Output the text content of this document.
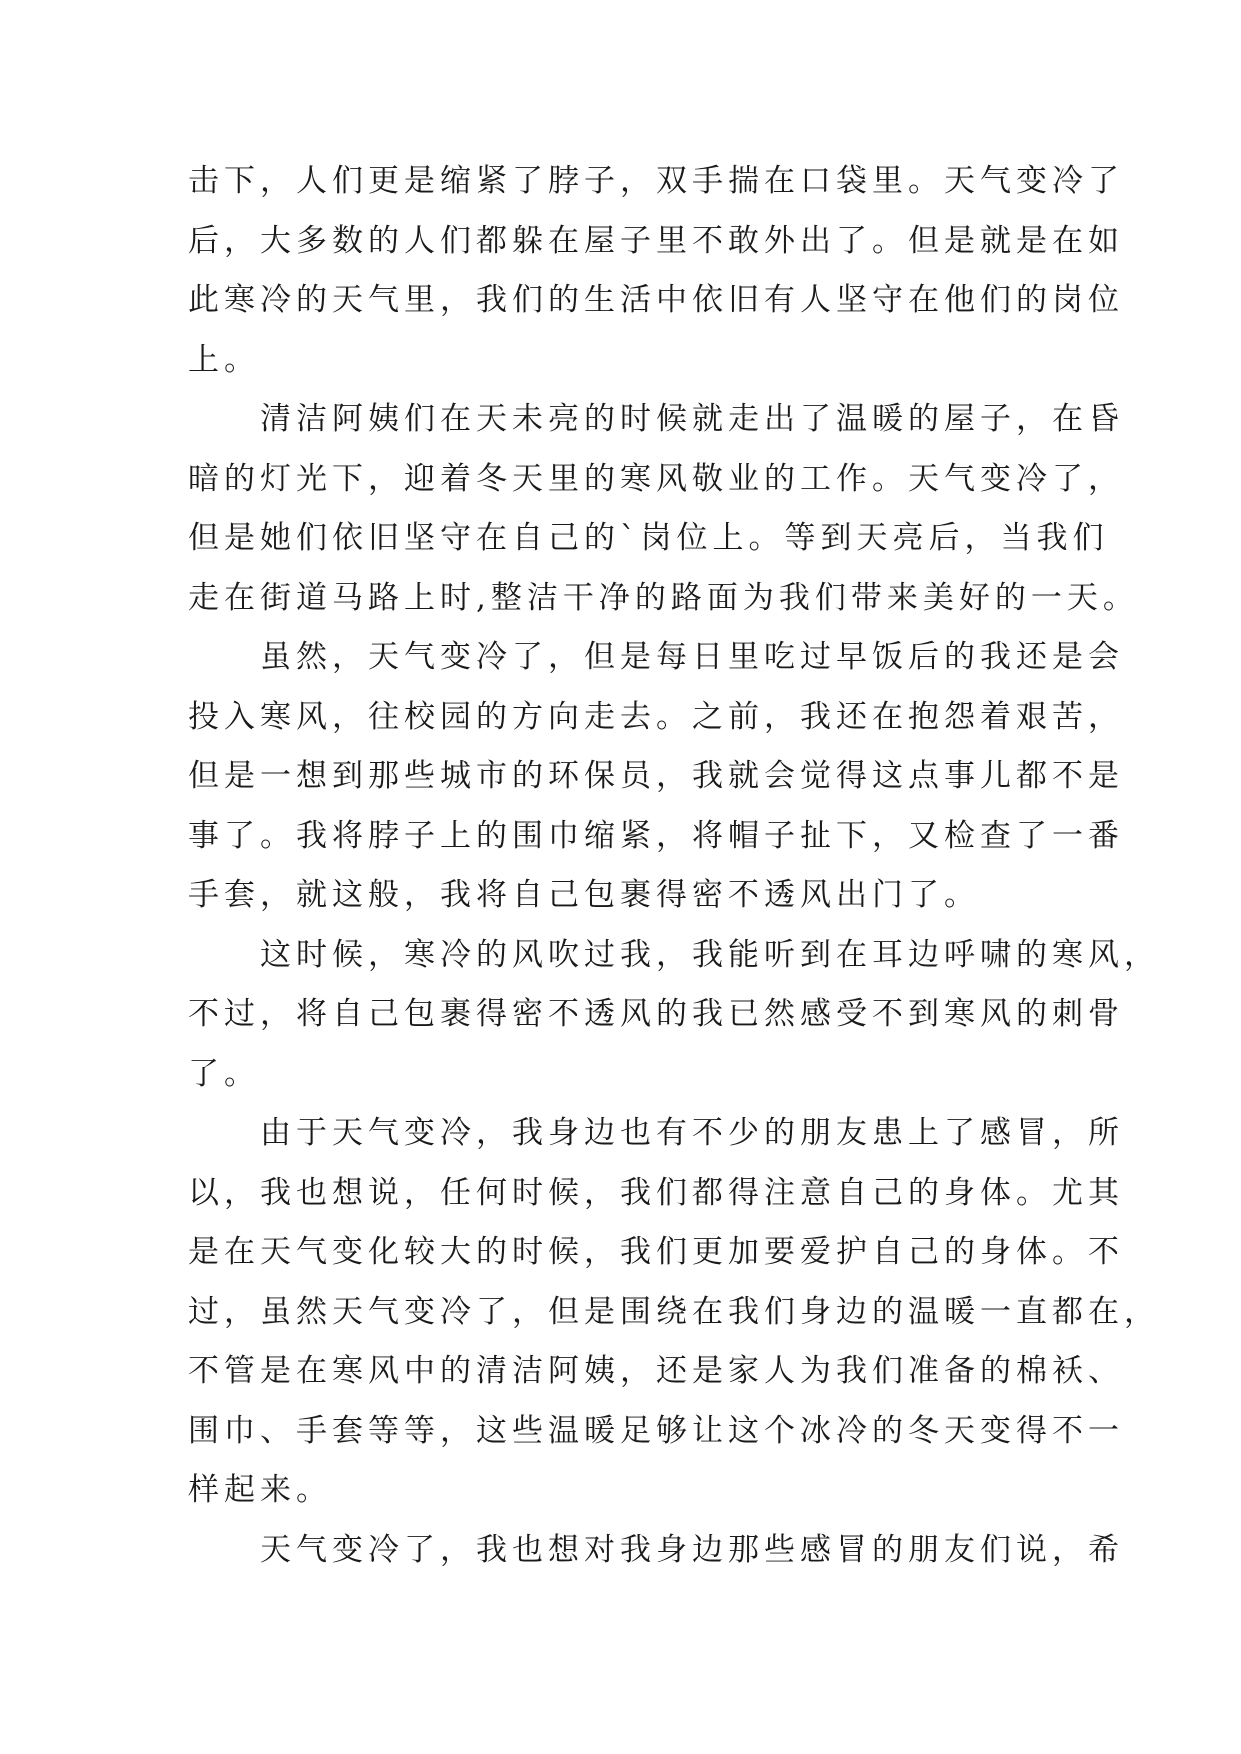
击下，人们更是缩紧了脖子，双手揣在口袋里。天气变冷了
后，大多数的人们都躲在屋子里不敢外出了。但是就是在如
此寒冷的天气里，我们的生活中依旧有人坚守在他们的岗位
上。
　　清洁阿姨们在天未亮的时候就走出了温暖的屋子，在昏
暗的灯光下，迎着冬天里的寒风敬业的工作。天气变冷了，
但是她们依旧坚守在自己的`岗位上。等到天亮后，当我们
走在街道马路上时,整洁干净的路面为我们带来美好的一天。
　　虽然，天气变冷了，但是每日里吃过早饭后的我还是会
投入寒风，往校园的方向走去。之前，我还在抱怨着艰苦，
但是一想到那些城市的环保员，我就会觉得这点事儿都不是
事了。我将脖子上的围巾缩紧，将帽子扯下，又检查了一番
手套，就这般，我将自己包裹得密不透风出门了。
　　这时候，寒冷的风吹过我，我能听到在耳边呼啸的寒风，
不过，将自己包裹得密不透风的我已然感受不到寒风的刺骨
了。
　　由于天气变冷，我身边也有不少的朋友患上了感冒，所
以，我也想说，任何时候，我们都得注意自己的身体。尤其
是在天气变化较大的时候，我们更加要爱护自己的身体。不
过，虽然天气变冷了，但是围绕在我们身边的温暖一直都在，
不管是在寒风中的清洁阿姨，还是家人为我们准备的棉袄、
围巾、手套等等，这些温暖足够让这个冰冷的冬天变得不一
样起来。
　　天气变冷了，我也想对我身边那些感冒的朋友们说，希
